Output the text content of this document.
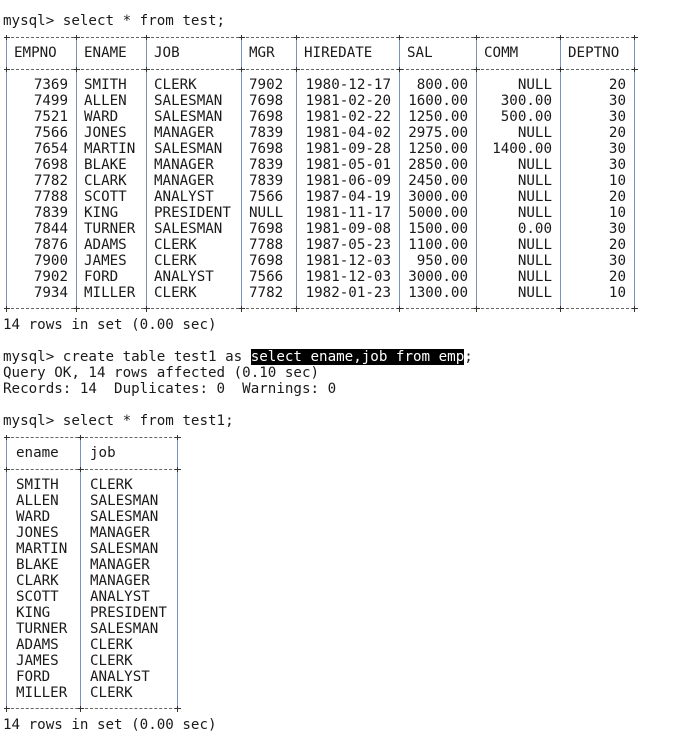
mysql> select * from test;
EMPNO	ENAME	JOB	MGR	HIREDATE	SAL	COMM	DEPTNO
7369 SMITH	CLERK	7902	1980-12-17	800.00	NULL	20
7499 ALLEN	SALESMAN	7698	1981-02-20 1600.00	300.00	30
7521 WARD	SALESMAN	7698	1981-02-22 1250.00	500.00	30
7566 JONES	MANAGER	7839	1981-04-02 2975.00	NULL	20
7654 MARTIN SALESMAN	7698	1981-09-28 1250.00	1400.00	30
7698 BLAKE	MANAGER	7839	1981-05-01 2850.00	NULL	30
7782 CLARK	MANAGER	7839	1981-06-09 2450.00	NULL	10
7788 SCOTT	ANALYST	7566	1987-04-19 3000.00	NULL	20
7839 KING	PRESIDENT NULL	1981-11-17 5000.00	NULL	10
7844 TURNER SALESMAN	7698	1981-09-08 1500.00	0.00	30
7876 ADAMS	CLERK	7788	1987-05-23 1100.00	NULL	20
7900 JAMES	CLERK	7698	1981-12-03	950.00	NULL	30
7902 FORD	ANALYST	7566	1981-12-03 3000.00	NULL	20
7934 MILLER CLERK	7782	1982-01-23 1300.00	NULL	10
14 rows in set (0.00 sec)
mysql> create table test1 as select ename,job from emp;
Query OK, 14 rows affected (0.10 sec)
Records: 14  Duplicates: 0  Warnings: 0
mysql> select * from test1;
ename	job
SMITH	CLERK
ALLEN	SALESMAN
WARD	SALESMAN
JONES	MANAGER
MARTIN SALESMAN
BLAKE	MANAGER
CLARK	MANAGER
SCOTT	ANALYST
KING	PRESIDENT
TURNER SALESMAN
ADAMS	CLERK
JAMES	CLERK
FORD	ANALYST
MILLER CLERK
14 rows in set (0.00 sec)
